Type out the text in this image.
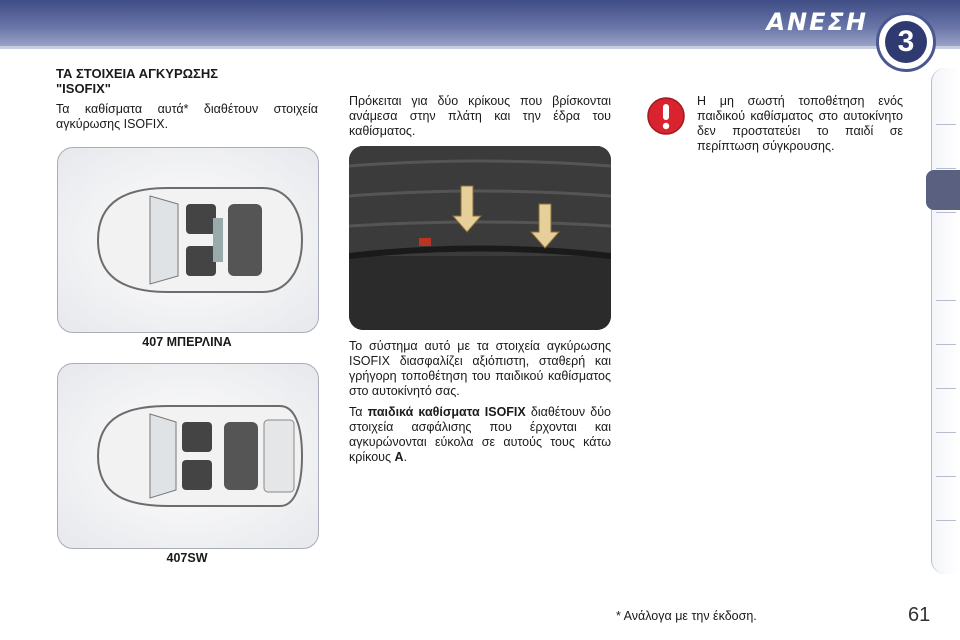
ΑΝΕΣΗ
3
ΤΑ ΣΤΟΙΧΕΙΑ ΑΓΚΥΡΩΣΗΣ
"ISOFIX"

Τα καθίσματα αυτά* διαθέτουν στοιχεία αγκύρωσης ISOFIX.

407 ΜΠΕΡΛΙΝΑ
407SW

Πρόκειται για δύο κρίκους που βρίσκονται ανάμεσα στην πλάτη και την έδρα του καθίσματος.

Το σύστημα αυτό με τα στοιχεία αγκύρωσης ISOFIX διασφαλίζει αξιόπιστη, σταθερή και γρήγορη τοποθέτηση του παιδικού καθίσματος στο αυτοκίνητό σας.

Τα παιδικά καθίσματα ISOFIX διαθέτουν δύο στοιχεία ασφάλισης που έρχονται και αγκυρώνονται εύκολα σε αυτούς τους κάτω κρίκους A.

Η μη σωστή τοποθέτηση ενός παιδικού καθίσματος στο αυτοκίνητο δεν προστατεύει το παιδί σε περίπτωση σύγκρουσης.

* Ανάλογα με την έκδοση.	61
